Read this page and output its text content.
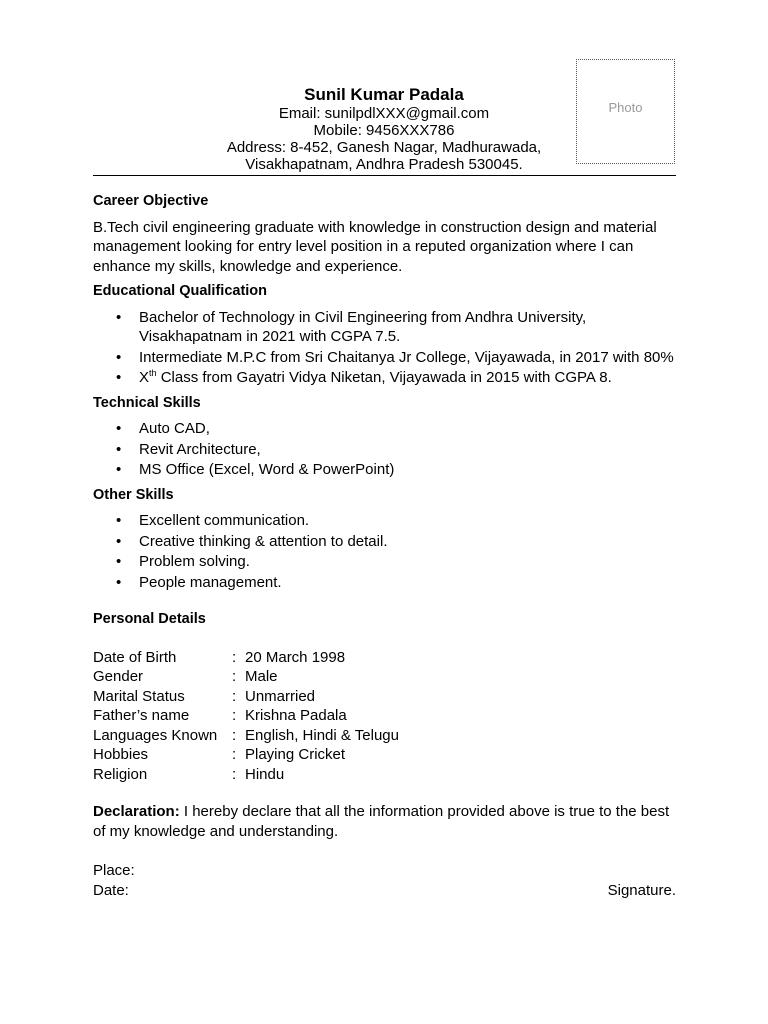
Sunil Kumar Padala
Email: sunilpdlXXX@gmail.com
Mobile: 9456XXX786
Address: 8-452, Ganesh Nagar, Madhurawada,
Visakhapatnam, Andhra Pradesh 530045.
Photo
Career Objective
B.Tech civil engineering graduate with knowledge in construction design and material management looking for entry level position in a reputed organization where I can enhance my skills, knowledge and experience.
Educational Qualification
• Bachelor of Technology in Civil Engineering from Andhra University, Visakhapatnam in 2021 with CGPA 7.5.
• Intermediate M.P.C from Sri Chaitanya Jr College, Vijayawada, in 2017 with 80%
• Xth Class from Gayatri Vidya Niketan, Vijayawada in 2015 with CGPA 8.
Technical Skills
• Auto CAD,
• Revit Architecture,
• MS Office (Excel, Word & PowerPoint)
Other Skills
• Excellent communication.
• Creative thinking & attention to detail.
• Problem solving.
• People management.
Personal Details
Date of Birth	:	20 March 1998
Gender	:	Male
Marital Status	:	Unmarried
Father’s name	:	Krishna Padala
Languages Known	:	English, Hindi & Telugu
Hobbies	:	Playing Cricket
Religion	:	Hindu
Declaration: I hereby declare that all the information provided above is true to the best of my knowledge and understanding.
Place:
Date:	Signature.
